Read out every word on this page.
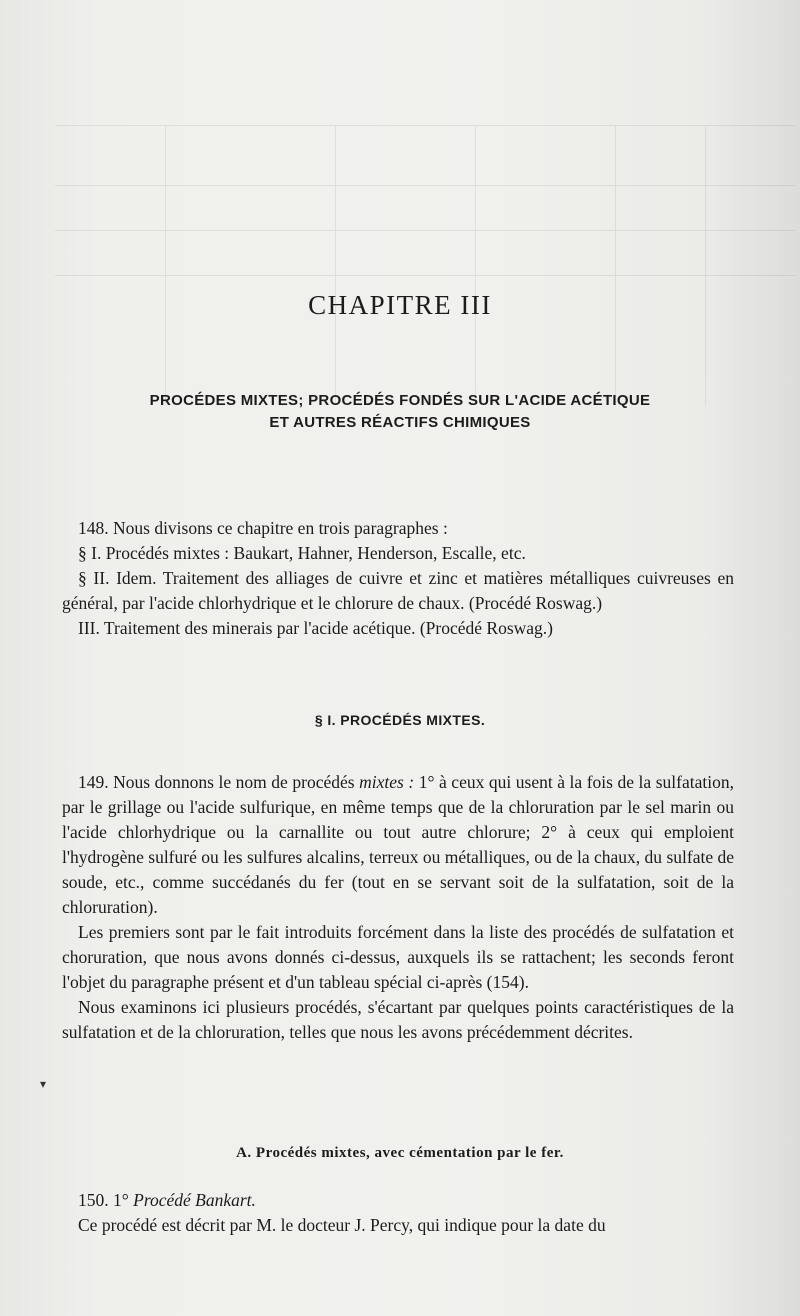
CHAPITRE III
PROCÉDES MIXTES; PROCÉDÉS FONDÉS SUR L'ACIDE ACÉTIQUE
ET AUTRES RÉACTIFS CHIMIQUES

148. Nous divisons ce chapitre en trois paragraphes :

§ I. Procédés mixtes : Baukart, Hahner, Henderson, Escalle, etc.

§ II. Idem. Traitement des alliages de cuivre et zinc et matières métalliques cuivreuses en général, par l'acide chlorhydrique et le chlorure de chaux. (Procédé Roswag.)

III. Traitement des minerais par l'acide acétique. (Procédé Roswag.)

§ I. PROCÉDÉS MIXTES.

149. Nous donnons le nom de procédés mixtes : 1° à ceux qui usent à la fois de la sulfatation, par le grillage ou l'acide sulfurique, en même temps que de la chloruration par le sel marin ou l'acide chlorhydrique ou la carnallite ou tout autre chlorure; 2° à ceux qui emploient l'hydrogène sulfuré ou les sulfures alcalins, terreux ou métalliques, ou de la chaux, du sulfate de soude, etc., comme succédanés du fer (tout en se servant soit de la sulfatation, soit de la chloruration).

Les premiers sont par le fait introduits forcément dans la liste des procédés de sulfatation et choruration, que nous avons donnés ci-dessus, auxquels ils se rattachent; les seconds feront l'objet du paragraphe présent et d'un tableau spécial ci-après (154).

Nous examinons ici plusieurs procédés, s'écartant par quelques points caractéristiques de la sulfatation et de la chloruration, telles que nous les avons précédemment décrites.

▾
A. Procédés mixtes, avec cémentation par le fer.

150. 1° Procédé Bankart.

Ce procédé est décrit par M. le docteur J. Percy, qui indique pour la date du
